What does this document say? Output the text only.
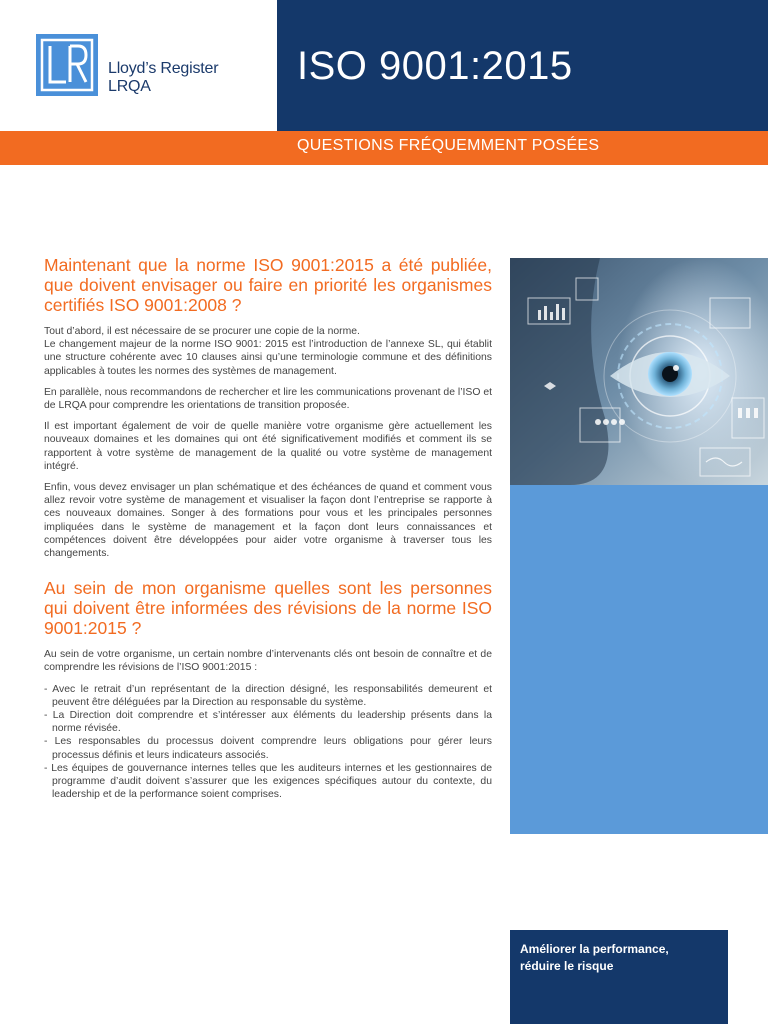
Lloyd’s Register
LRQA	ISO 9001:2015
QUESTIONS FRÉQUEMMENT POSÉES
Maintenant que la norme ISO 9001:2015 a été publiée, que doivent envisager ou faire en priorité les organismes certifiés ISO 9001:2008 ?

Tout d’abord, il est nécessaire de se procurer une copie de la norme.
Le changement majeur de la norme ISO 9001: 2015 est l’introduction de l’annexe SL, qui établit une structure cohérente avec 10 clauses ainsi qu’une terminologie commune et des définitions applicables à toutes les normes des systèmes de management.

En parallèle, nous recommandons de rechercher et lire les communications provenant de l’ISO et de LRQA pour comprendre les orientations de transition proposée.

Il est important également de voir de quelle manière votre organisme gère actuellement les nouveaux domaines et les domaines qui ont été significativement modifiés et comment ils se rapportent à votre système de management de la qualité ou votre système de management intégré.

Enfin, vous devez envisager un plan schématique et des échéances de quand et comment vous allez revoir votre système de management et visualiser la façon dont l’entreprise se rapporte à ces nouveaux domaines. Songer à des formations pour vous et les principales personnes impliquées dans le système de management et la façon dont leurs connaissances et compétences doivent être développées pour aider votre organisme à traverser tous les changements.

Au sein de mon organisme quelles sont les personnes qui doivent être informées des révisions de la norme ISO 9001:2015 ?

Au sein de votre organisme, un certain nombre d’intervenants clés ont besoin de connaître et de comprendre les révisions de l’ISO 9001:2015 :

- Avec le retrait d’un représentant de la direction désigné, les responsabilités demeurent et peuvent être déléguées par la Direction au responsable du système.
- La Direction doit comprendre et s’intéresser aux éléments du leadership présents dans la norme révisée.
- Les responsables du processus doivent comprendre leurs obligations pour gérer leurs processus définis et leurs indicateurs associés.
- Les équipes de gouvernance internes telles que les auditeurs internes et les gestionnaires de programme d’audit doivent s’assurer que les exigences spécifiques autour du contexte, du leadership et de la performance soient comprises.
Améliorer la performance,
réduire le risque
